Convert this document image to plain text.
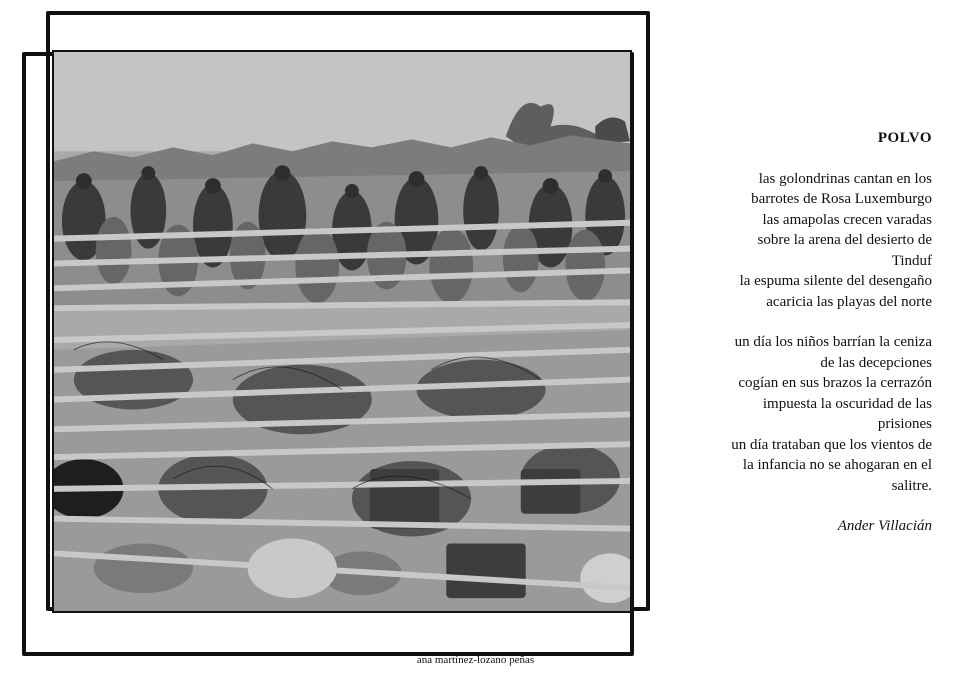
POLVO
las golondrinas cantan en los
barrotes de Rosa Luxemburgo
las amapolas crecen varadas
sobre la arena del desierto de
Tinduf
la espuma silente del desengaño
acaricia las playas del norte
un día los niños barrían la ceniza
de las decepciones
cogían en sus brazos la cerrazón
impuesta la oscuridad de las
prisiones
un día trataban que los vientos de
la infancia no se ahogaran en el
salitre.
Ander Villacián
ana martínez-lozano peñas
